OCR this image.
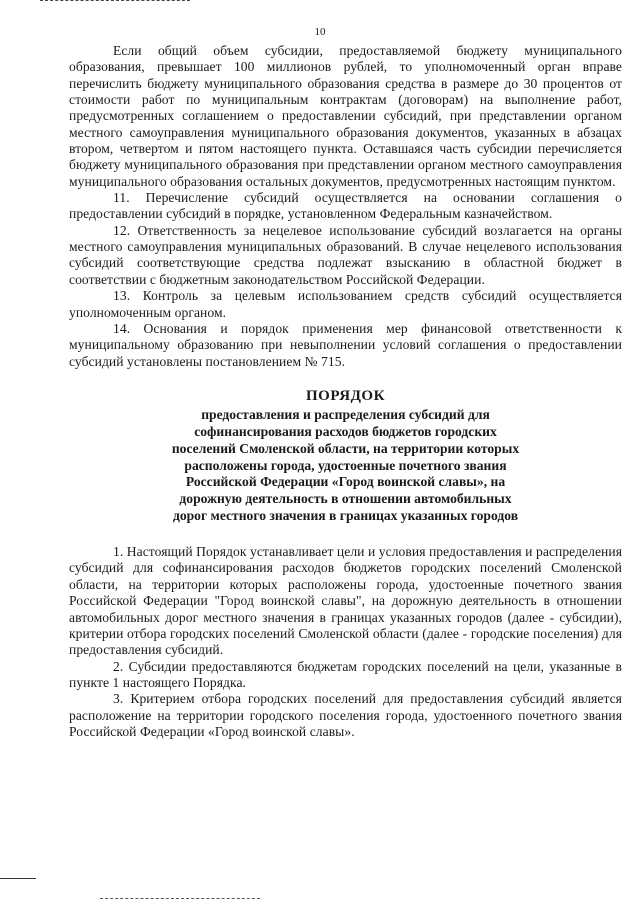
10

Если общий объем субсидии, предоставляемой бюджету муниципального образования, превышает 100 миллионов рублей, то уполномоченный орган вправе перечислить бюджету муниципального образования средства в размере до 30 процентов от стоимости работ по муниципальным контрактам (договорам) на выполнение работ, предусмотренных соглашением о предоставлении субсидий, при представлении органом местного самоуправления муниципального образования документов, указанных в абзацах втором, четвертом и пятом настоящего пункта. Оставшаяся часть субсидии перечисляется бюджету муниципального образования при представлении органом местного самоуправления муниципального образования остальных документов, предусмотренных настоящим пунктом.

11. Перечисление субсидий осуществляется на основании соглашения о предоставлении субсидий в порядке, установленном Федеральным казначейством.

12. Ответственность за нецелевое использование субсидий возлагается на органы местного самоуправления муниципальных образований. В случае нецелевого использования субсидий соответствующие средства подлежат взысканию в областной бюджет в соответствии с бюджетным законодательством Российской Федерации.

13. Контроль за целевым использованием средств субсидий осуществляется уполномоченным органом.

14. Основания и порядок применения мер финансовой ответственности к муниципальному образованию при невыполнении условий соглашения о предоставлении субсидий установлены постановлением № 715.

ПОРЯДОК
предоставления и распределения субсидий для
софинансирования расходов бюджетов городских
поселений Смоленской области, на территории которых
расположены города, удостоенные почетного звания
Российской Федерации «Город воинской славы», на
дорожную деятельность в отношении автомобильных
дорог местного значения в границах указанных городов

1. Настоящий Порядок устанавливает цели и условия предоставления и распределения субсидий для софинансирования расходов бюджетов городских поселений Смоленской области, на территории которых расположены города, удостоенные почетного звания Российской Федерации "Город воинской славы", на дорожную деятельность в отношении автомобильных дорог местного значения в границах указанных городов (далее - субсидии), критерии отбора городских поселений Смоленской области (далее - городские поселения) для предоставления субсидий.

2. Субсидии предоставляются бюджетам городских поселений на цели, указанные в пункте 1 настоящего Порядка.

3. Критерием отбора городских поселений для предоставления субсидий является расположение на территории городского поселения города, удостоенного почетного звания Российской Федерации «Город воинской славы».
